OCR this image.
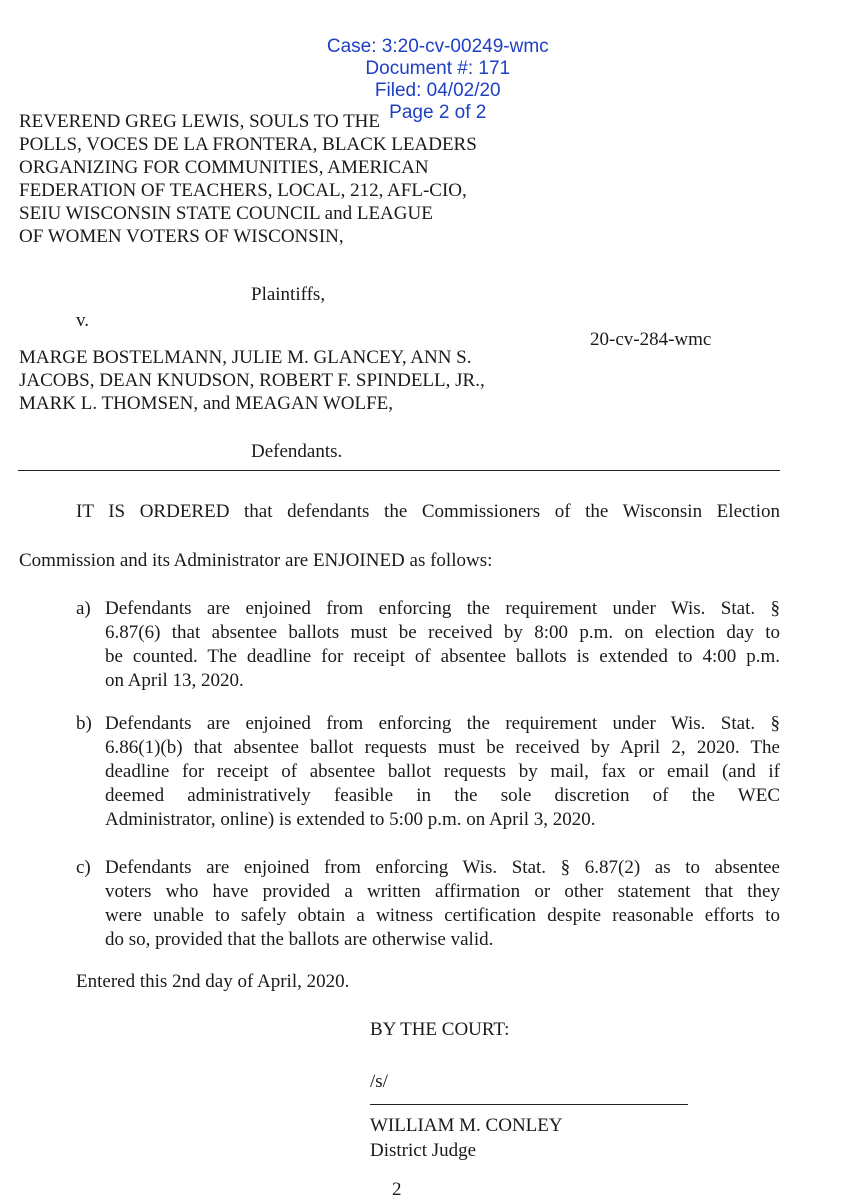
Case: 3:20-cv-00249-wmc
Document #: 171
Filed: 04/02/20
Page 2 of 2

REVEREND GREG LEWIS, SOULS TO THE
POLLS, VOCES DE LA FRONTERA, BLACK LEADERS
ORGANIZING FOR COMMUNITIES, AMERICAN
FEDERATION OF TEACHERS, LOCAL, 212, AFL-CIO,
SEIU WISCONSIN STATE COUNCIL and LEAGUE
OF WOMEN VOTERS OF WISCONSIN,
Plaintiffs,
v.
20-cv-284-wmc
MARGE BOSTELMANN, JULIE M. GLANCEY, ANN S.
JACOBS, DEAN KNUDSON, ROBERT F. SPINDELL, JR.,
MARK L. THOMSEN, and MEAGAN WOLFE,
Defendants.
IT IS ORDERED that defendants the Commissioners of the Wisconsin Election
Commission and its Administrator are ENJOINED as follows:
a) Defendants are enjoined from enforcing the requirement under Wis. Stat. §
6.87(6) that absentee ballots must be received by 8:00 p.m. on election day to
be counted. The deadline for receipt of absentee ballots is extended to 4:00 p.m.
on April 13, 2020.
b) Defendants are enjoined from enforcing the requirement under Wis. Stat. §
6.86(1)(b) that absentee ballot requests must be received by April 2, 2020. The
deadline for receipt of absentee ballot requests by mail, fax or email (and if
deemed administratively feasible in the sole discretion of the WEC
Administrator, online) is extended to 5:00 p.m. on April 3, 2020.
c) Defendants are enjoined from enforcing Wis. Stat. § 6.87(2) as to absentee
voters who have provided a written affirmation or other statement that they
were unable to safely obtain a witness certification despite reasonable efforts to
do so, provided that the ballots are otherwise valid.
Entered this 2nd day of April, 2020.
BY THE COURT:
/s/
WILLIAM M. CONLEY
District Judge
2
